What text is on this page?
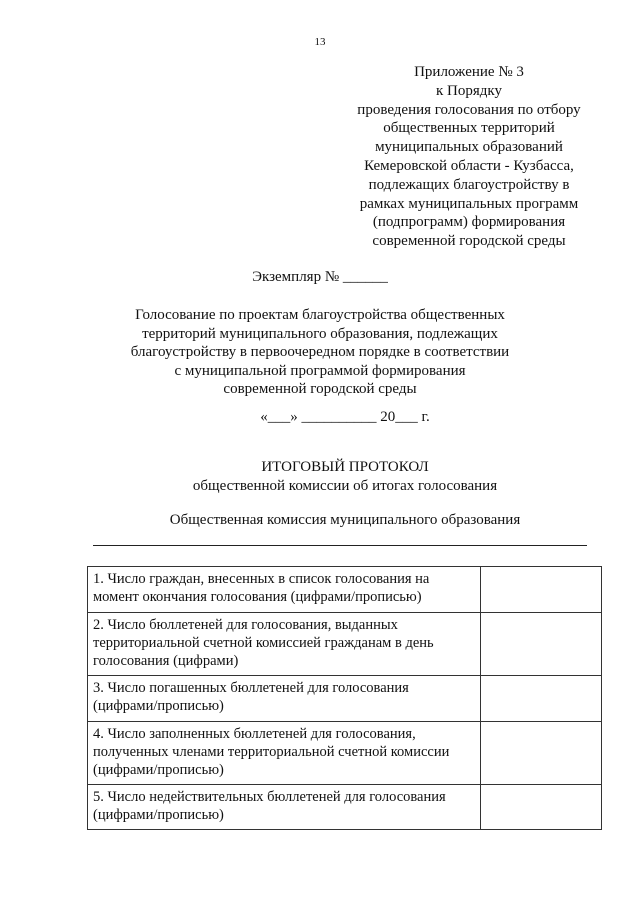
13
Приложение № 3
к Порядку
проведения голосования по отбору
общественных территорий
муниципальных образований
Кемеровской области - Кузбасса,
подлежащих благоустройству в
рамках муниципальных программ
(подпрограмм) формирования
современной городской среды
Экземпляр № ______
Голосование по проектам благоустройства общественных
территорий муниципального образования, подлежащих
благоустройству в первоочередном порядке в соответствии
с муниципальной программой формирования
современной городской среды
«___» __________ 20___ г.
ИТОГОВЫЙ ПРОТОКОЛ
общественной комиссии об итогах голосования
Общественная комиссия муниципального образования
1. Число граждан, внесенных в список голосования на момент окончания голосования (цифрами/прописью)	
2. Число бюллетеней для голосования, выданных территориальной счетной комиссией гражданам в день голосования (цифрами)	
3. Число погашенных бюллетеней для голосования (цифрами/прописью)	
4. Число заполненных бюллетеней для голосования, полученных членами территориальной счетной комиссии (цифрами/прописью)	
5. Число недействительных бюллетеней для голосования (цифрами/прописью)	
